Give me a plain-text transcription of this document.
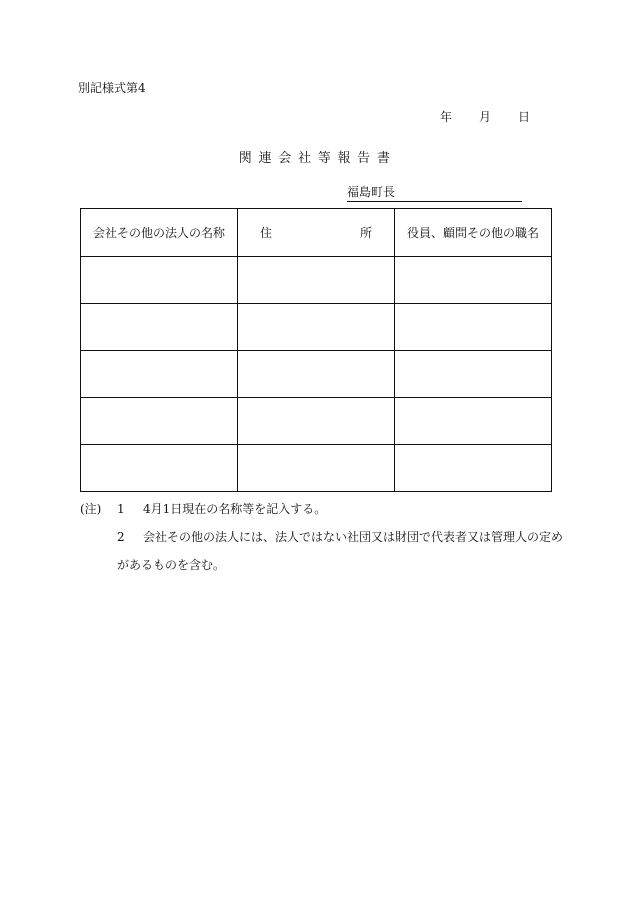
別記様式第4
年 月 日
関 連 会 社 等 報 告 書
福島町長
会社その他の法人の名称	住 所	役員、顧問その他の職名

(注) 1 4月1日現在の名称等を記入する。
2 会社その他の法人には、法人ではない社団又は財団で代表者又は管理人の定め
があるものを含む。
